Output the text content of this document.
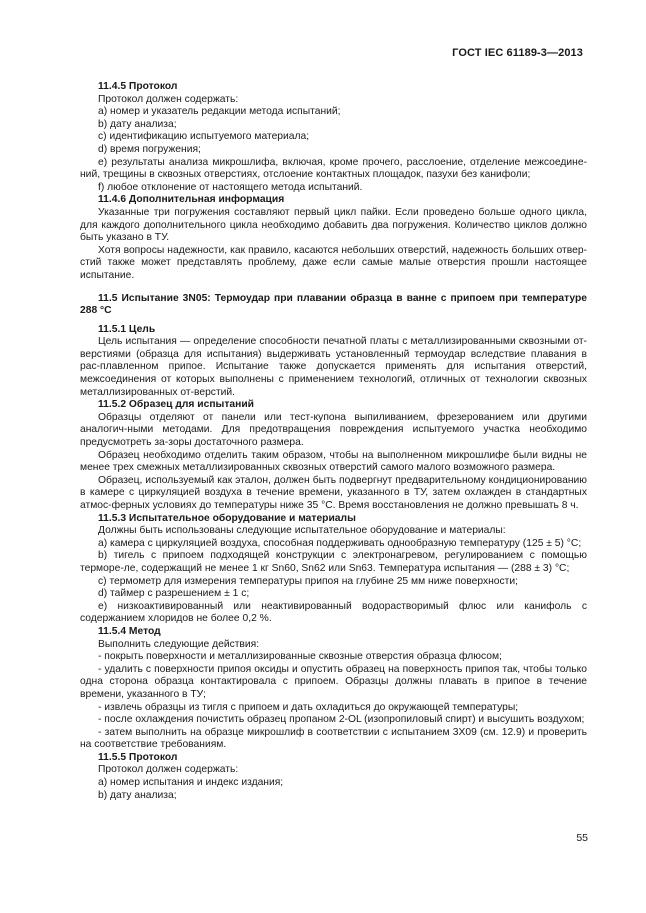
ГОСТ IEC 61189-3—2013

11.4.5 Протокол

Протокол должен содержать:

а) номер и указатель редакции метода испытаний;

b) дату анализа;

c) идентификацию испытуемого материала;

d) время погружения;

e) результаты анализа микрошлифа, включая, кроме прочего, расслоение, отделение межсоедине-ний, трещины в сквозных отверстиях, отслоение контактных площадок, пазухи без канифоли;

f) любое отклонение от настоящего метода испытаний.

11.4.6 Дополнительная информация

Указанные три погружения составляют первый цикл пайки. Если проведено больше одного цикла, для каждого дополнительного цикла необходимо добавить два погружения. Количество циклов должно быть указано в ТУ.

Хотя вопросы надежности, как правило, касаются небольших отверстий, надежность больших отвер-стий также может представлять проблему, даже если самые малые отверстия прошли настоящее испытание.

11.5 Испытание 3N05: Термоудар при плавании образца в ванне с припоем при температуре 288 °С

11.5.1 Цель

Цель испытания — определение способности печатной платы с металлизированными сквозными от-верстиями (образца для испытания) выдерживать установленный термоудар вследствие плавания в рас-плавленном припое. Испытание также допускается применять для испытания отверстий, межсоединения от которых выполнены с применением технологий, отличных от технологии сквозных металлизированных от-верстий.

11.5.2 Образец для испытаний

Образцы отделяют от панели или тест-купона выпиливанием, фрезерованием или другими аналогич-ными методами. Для предотвращения повреждения испытуемого участка необходимо предусмотреть за-зоры достаточного размера.

Образец необходимо отделить таким образом, чтобы на выполненном микрошлифе были видны не менее трех смежных металлизированных сквозных отверстий самого малого возможного размера.

Образец, используемый как эталон, должен быть подвергнут предварительному кондиционированию в камере с циркуляцией воздуха в течение времени, указанного в ТУ, затем охлажден в стандартных атмос-ферных условиях до температуры ниже 35 °С. Время восстановления не должно превышать 8 ч.

11.5.3 Испытательное оборудование и материалы

Должны быть использованы следующие испытательное оборудование и материалы:

а) камера с циркуляцией воздуха, способная поддерживать однообразную температуру (125 ± 5) °С;

b) тигель с припоем подходящей конструкции с электронагревом, регулированием с помощью терморе-ле, содержащий не менее 1 кг Sn60, Sn62 или Sn63. Температура испытания — (288 ± 3) °С;

с) термометр для измерения температуры припоя на глубине 25 мм ниже поверхности;

d) таймер с разрешением ± 1 с;

e) низкоактивированный или неактивированный водорастворимый флюс или канифоль с содержанием хлоридов не более 0,2 %.

11.5.4 Метод

Выполнить следующие действия:

- покрыть поверхности и металлизированные сквозные отверстия образца флюсом;

- удалить с поверхности припоя оксиды и опустить образец на поверхность припоя так, чтобы только одна сторона образца контактировала с припоем. Образцы должны плавать в припое в течение времени, указанного в ТУ;

- извлечь образцы из тигля с припоем и дать охладиться до окружающей температуры;

- после охлаждения почистить образец пропаном 2-OL (изопропиловый спирт) и высушить воздухом;

- затем выполнить на образце микрошлиф в соответствии с испытанием 3X09 (см. 12.9) и проверить на соответствие требованиям.

11.5.5 Протокол

Протокол должен содержать:

а) номер испытания и индекс издания;

b) дату анализа;

55
